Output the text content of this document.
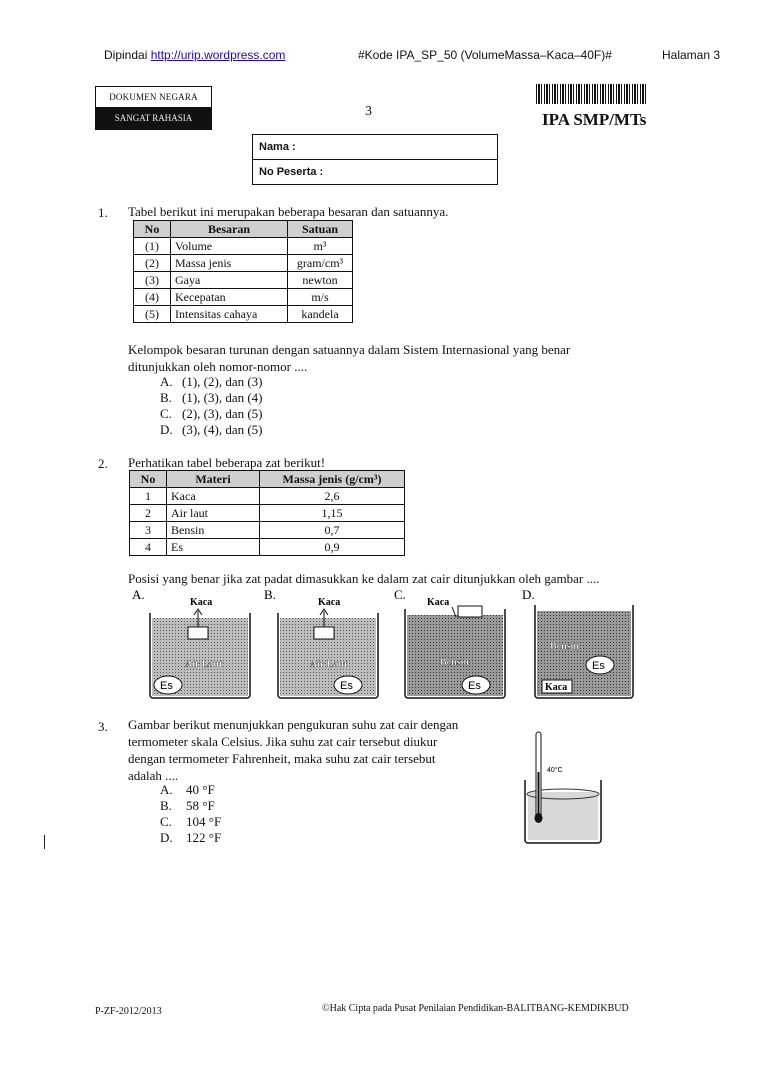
Dipindai http://urip.wordpress.com	#Kode IPA_SP_50 (VolumeMassa–Kaca–40F)#	Halaman 3
DOKUMEN NEGARA
SANGAT RAHASIA	3	IPA SMP/MTs
Nama :
No Peserta :
1. Tabel berikut ini merupakan beberapa besaran dan satuannya.
No	Besaran	Satuan
(1)	Volume	m³
(2)	Massa jenis	gram/cm³
(3)	Gaya	newton
(4)	Kecepatan	m/s
(5)	Intensitas cahaya	kandela
Kelompok besaran turunan dengan satuannya dalam Sistem Internasional yang benar
ditunjukkan oleh nomor-nomor ....
A. (1), (2), dan (3)
B. (1), (3), dan (4)
C. (2), (3), dan (5)
D. (3), (4), dan (5)
2. Perhatikan tabel beberapa zat berikut!
No	Materi	Massa jenis (g/cm³)
1	Kaca	2,6
2	Air laut	1,15
3	Bensin	0,7
4	Es	0,9
Posisi yang benar jika zat padat dimasukkan ke dalam zat cair ditunjukkan oleh gambar ....
A.
Kaca
Air Laut
Es
B.
Kaca
Air Laut
Es
C.
Kaca
Bensin
Es
D.
Bensin
Es
Kaca
3. Gambar berikut menunjukkan pengukuran suhu zat cair dengan
termometer skala Celsius. Jika suhu zat cair tersebut diukur
dengan termometer Fahrenheit, maka suhu zat cair tersebut
adalah ....
A. 40 °F
B. 58 °F
C. 104 °F
D. 122 °F
40°C
P-ZF-2012/2013	©Hak Cipta pada Pusat Penilaian Pendidikan-BALITBANG-KEMDIKBUD
